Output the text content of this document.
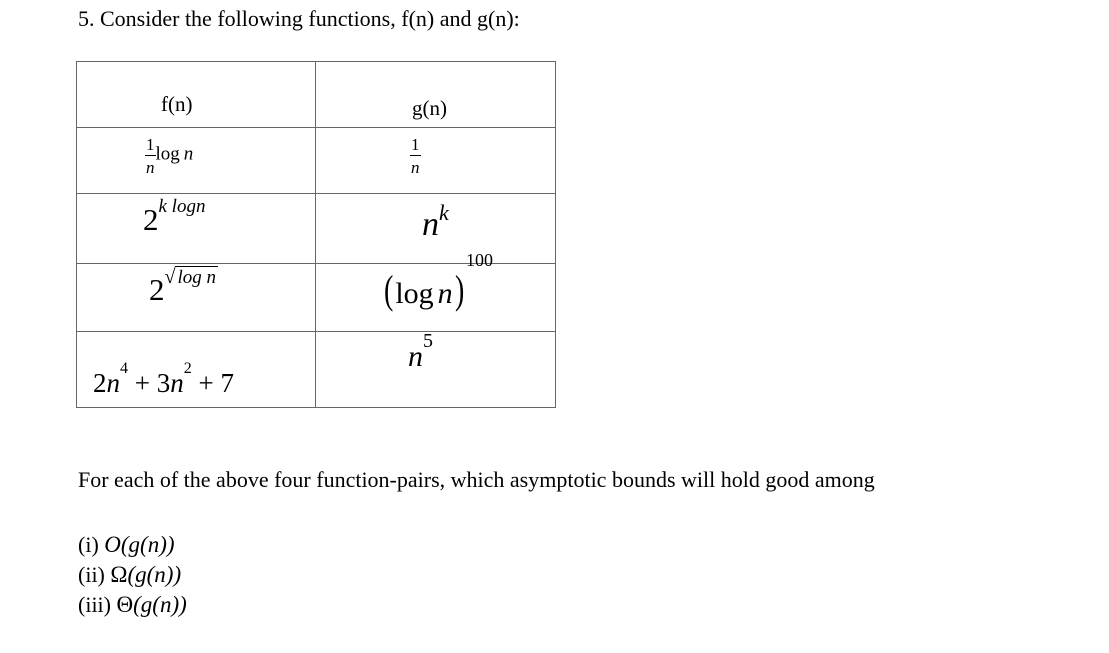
5. Consider the following functions, f(n) and g(n):
f(n)	g(n)

$\frac{1}{n}$ log n	$\frac{1}{n}$

$2^{k logn}$	$n^k$

$2^{√ log n}$	(log n)$^{100}$

$2n^4 + 3n^2 + 7$	$n^5$
For each of the above four function-pairs, which asymptotic bounds will hold good among
(i) O(g(n))
(ii) Ω(g(n))
(iii) Θ(g(n))
